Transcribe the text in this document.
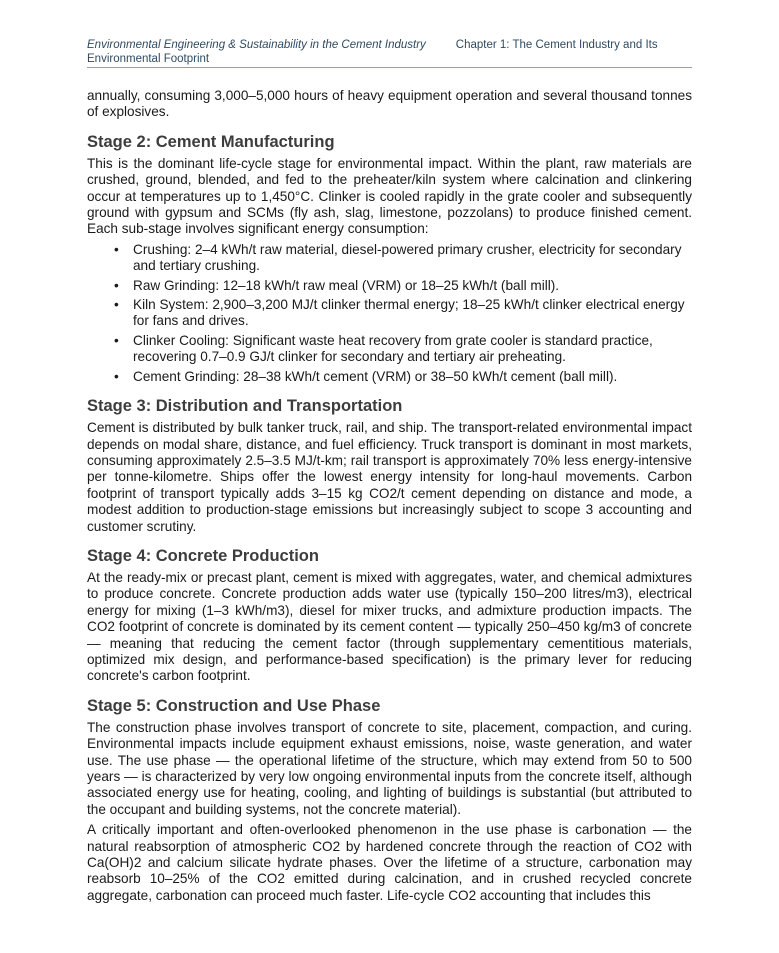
Environmental Engineering & Sustainability in the Cement Industry	Chapter 1: The Cement Industry and Its Environmental Footprint

annually, consuming 3,000–5,000 hours of heavy equipment operation and several thousand tonnes of explosives.

Stage 2: Cement Manufacturing

This is the dominant life-cycle stage for environmental impact. Within the plant, raw materials are crushed, ground, blended, and fed to the preheater/kiln system where calcination and clinkering occur at temperatures up to 1,450°C. Clinker is cooled rapidly in the grate cooler and subsequently ground with gypsum and SCMs (fly ash, slag, limestone, pozzolans) to produce finished cement. Each sub-stage involves significant energy consumption:

• Crushing: 2–4 kWh/t raw material, diesel-powered primary crusher, electricity for secondary and tertiary crushing.
• Raw Grinding: 12–18 kWh/t raw meal (VRM) or 18–25 kWh/t (ball mill).
• Kiln System: 2,900–3,200 MJ/t clinker thermal energy; 18–25 kWh/t clinker electrical energy for fans and drives.
• Clinker Cooling: Significant waste heat recovery from grate cooler is standard practice, recovering 0.7–0.9 GJ/t clinker for secondary and tertiary air preheating.
• Cement Grinding: 28–38 kWh/t cement (VRM) or 38–50 kWh/t cement (ball mill).
Stage 3: Distribution and Transportation

Cement is distributed by bulk tanker truck, rail, and ship. The transport-related environmental impact depends on modal share, distance, and fuel efficiency. Truck transport is dominant in most markets, consuming approximately 2.5–3.5 MJ/t-km; rail transport is approximately 70% less energy-intensive per tonne-kilometre. Ships offer the lowest energy intensity for long-haul movements. Carbon footprint of transport typically adds 3–15 kg CO2/t cement depending on distance and mode, a modest addition to production-stage emissions but increasingly subject to scope 3 accounting and customer scrutiny.

Stage 4: Concrete Production

At the ready-mix or precast plant, cement is mixed with aggregates, water, and chemical admixtures to produce concrete. Concrete production adds water use (typically 150–200 litres/m3), electrical energy for mixing (1–3 kWh/m3), diesel for mixer trucks, and admixture production impacts. The CO2 footprint of concrete is dominated by its cement content — typically 250–450 kg/m3 of concrete — meaning that reducing the cement factor (through supplementary cementitious materials, optimized mix design, and performance-based specification) is the primary lever for reducing concrete's carbon footprint.

Stage 5: Construction and Use Phase

The construction phase involves transport of concrete to site, placement, compaction, and curing. Environmental impacts include equipment exhaust emissions, noise, waste generation, and water use. The use phase — the operational lifetime of the structure, which may extend from 50 to 500 years — is characterized by very low ongoing environmental inputs from the concrete itself, although associated energy use for heating, cooling, and lighting of buildings is substantial (but attributed to the occupant and building systems, not the concrete material).

A critically important and often-overlooked phenomenon in the use phase is carbonation — the natural reabsorption of atmospheric CO2 by hardened concrete through the reaction of CO2 with Ca(OH)2 and calcium silicate hydrate phases. Over the lifetime of a structure, carbonation may reabsorb 10–25% of the CO2 emitted during calcination, and in crushed recycled concrete aggregate, carbonation can proceed much faster. Life-cycle CO2 accounting that includes this
